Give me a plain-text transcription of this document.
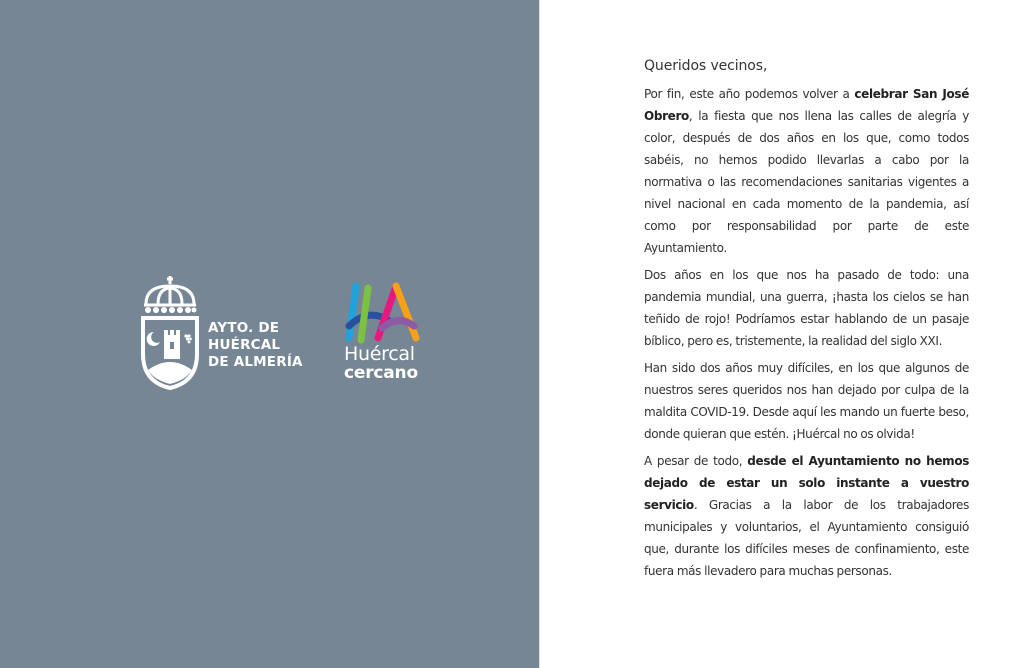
AYTO. DE
HUÉRCAL
DE ALMERÍA Huércal
cercano

Queridos vecinos,

Por fin, este año podemos volver a celebrar San José Obrero, la fiesta que nos llena las calles de alegría y color, después de dos años en los que, como todos sabéis, no hemos podido llevarlas a cabo por la normativa o las recomendaciones sanitarias vigentes a nivel nacional en cada momento de la pandemia, así como por responsabilidad por parte de este Ayuntamiento.

Dos años en los que nos ha pasado de todo: una pandemia mundial, una guerra, ¡hasta los cielos se han teñido de rojo! Podríamos estar hablando de un pasaje bíblico, pero es, tristemente, la realidad del siglo XXI.

Han sido dos años muy difíciles, en los que algunos de nuestros seres queridos nos han dejado por culpa de la maldita COVID-19. Desde aquí les mando un fuerte beso, donde quieran que estén. ¡Huércal no os olvida!

A pesar de todo, desde el Ayuntamiento no hemos dejado de estar un solo instante a vuestro servicio. Gracias a la labor de los trabajadores municipales y voluntarios, el Ayuntamiento consiguió que, durante los difíciles meses de confinamiento, este fuera más llevadero para muchas personas.
